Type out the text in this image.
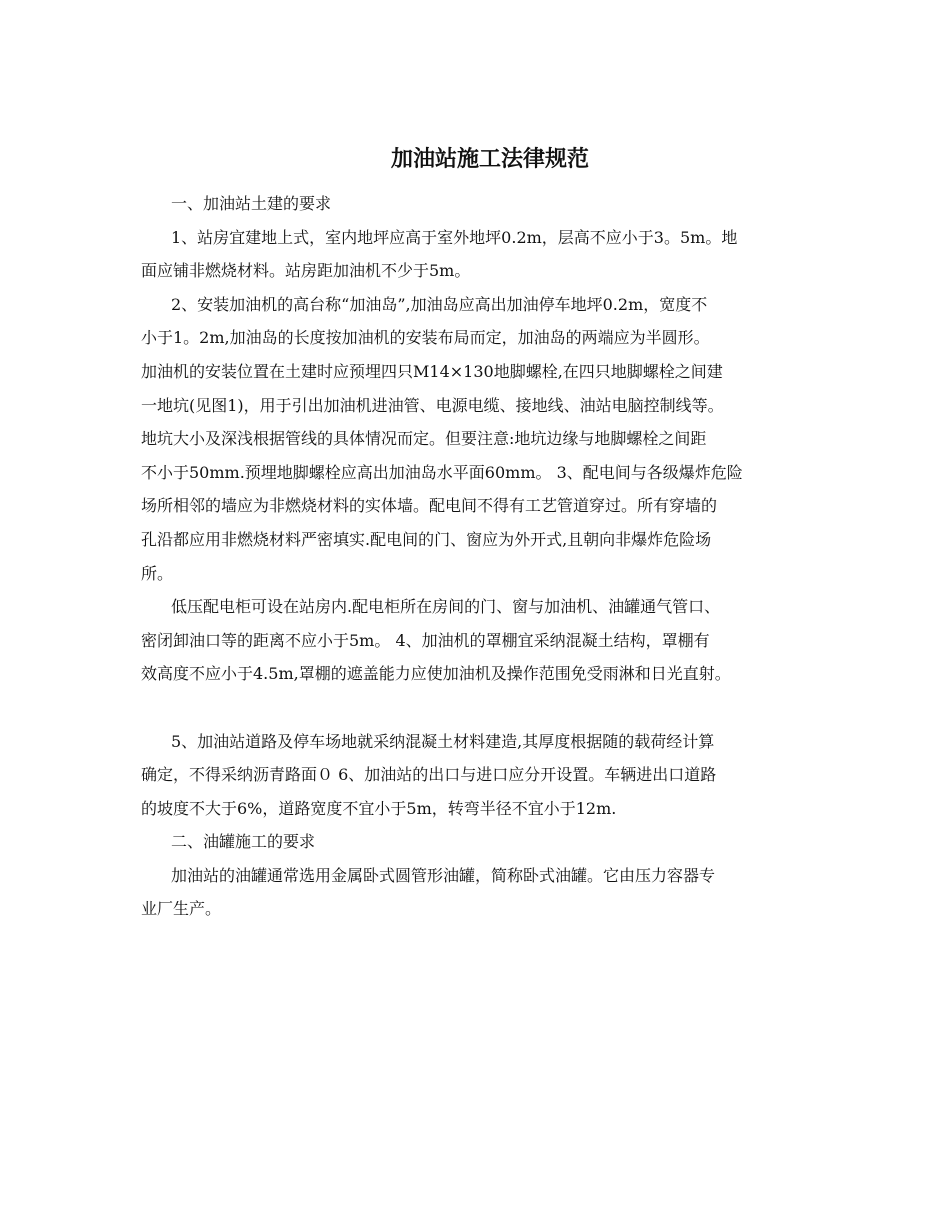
加油站施工法律规范
一、加油站土建的要求
1、站房宜建地上式，室内地坪应高于室外地坪0.2m，层高不应小于3。5m。地
面应铺非燃烧材料。站房距加油机不少于5m。
2、安装加油机的高台称“加油岛”,加油岛应高出加油停车地坪0.2m，宽度不
小于1。2m,加油岛的长度按加油机的安装布局而定，加油岛的两端应为半圆形。
加油机的安装位置在土建时应预埋四只M14×130地脚螺栓,在四只地脚螺栓之间建
一地坑(见图1)，用于引出加油机进油管、电源电缆、接地线、油站电脑控制线等。
地坑大小及深浅根据管线的具体情况而定。但要注意:地坑边缘与地脚螺栓之间距
不小于50mm.预埋地脚螺栓应高出加油岛水平面60mm。 3、配电间与各级爆炸危险
场所相邻的墙应为非燃烧材料的实体墙。配电间不得有工艺管道穿过。所有穿墙的
孔沿都应用非燃烧材料严密填实.配电间的门、窗应为外开式,且朝向非爆炸危险场
所。
低压配电柜可设在站房内.配电柜所在房间的门、窗与加油机、油罐通气管口、
密闭卸油口等的距离不应小于5m。 4、加油机的罩棚宜采纳混凝土结构，罩棚有
效高度不应小于4.5m,罩棚的遮盖能力应使加油机及操作范围免受雨淋和日光直射。
5、加油站道路及停车场地就采纳混凝土材料建造,其厚度根据随的载荷经计算
确定，不得采纳沥青路面０ 6、加油站的出口与进口应分开设置。车辆进出口道路
的坡度不大于6%，道路宽度不宜小于5m，转弯半径不宜小于12m.
二、油罐施工的要求
加油站的油罐通常选用金属卧式圆管形油罐，简称卧式油罐。它由压力容器专
业厂生产。
